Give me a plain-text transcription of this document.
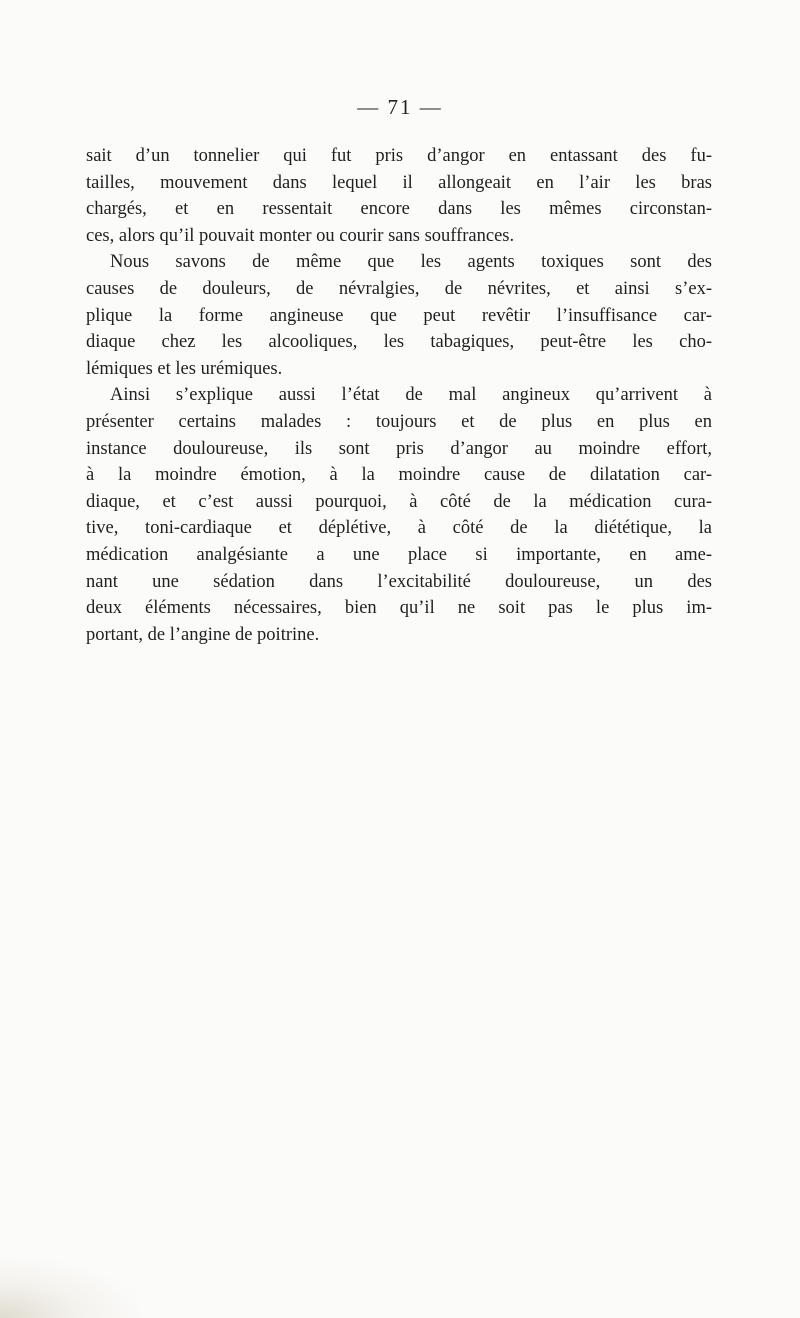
— 71 —
sait d’un tonnelier qui fut pris d’angor en entassant des fu-
tailles, mouvement dans lequel il allongeait en l’air les bras
chargés, et en ressentait encore dans les mêmes circonstan-
ces, alors qu’il pouvait monter ou courir sans souffrances.
Nous savons de même que les agents toxiques sont des
causes de douleurs, de névralgies, de névrites, et ainsi s’ex-
plique la forme angineuse que peut revêtir l’insuffisance car-
diaque chez les alcooliques, les tabagiques, peut-être les cho-
lémiques et les urémiques.
Ainsi s’explique aussi l’état de mal angineux qu’arrivent à
présenter certains malades : toujours et de plus en plus en
instance douloureuse, ils sont pris d’angor au moindre effort,
à la moindre émotion, à la moindre cause de dilatation car-
diaque, et c’est aussi pourquoi, à côté de la médication cura-
tive, toni-cardiaque et déplétive, à côté de la diététique, la
médication analgésiante a une place si importante, en ame-
nant une sédation dans l’excitabilité douloureuse, un des
deux éléments nécessaires, bien qu’il ne soit pas le plus im-
portant, de l’angine de poitrine.
